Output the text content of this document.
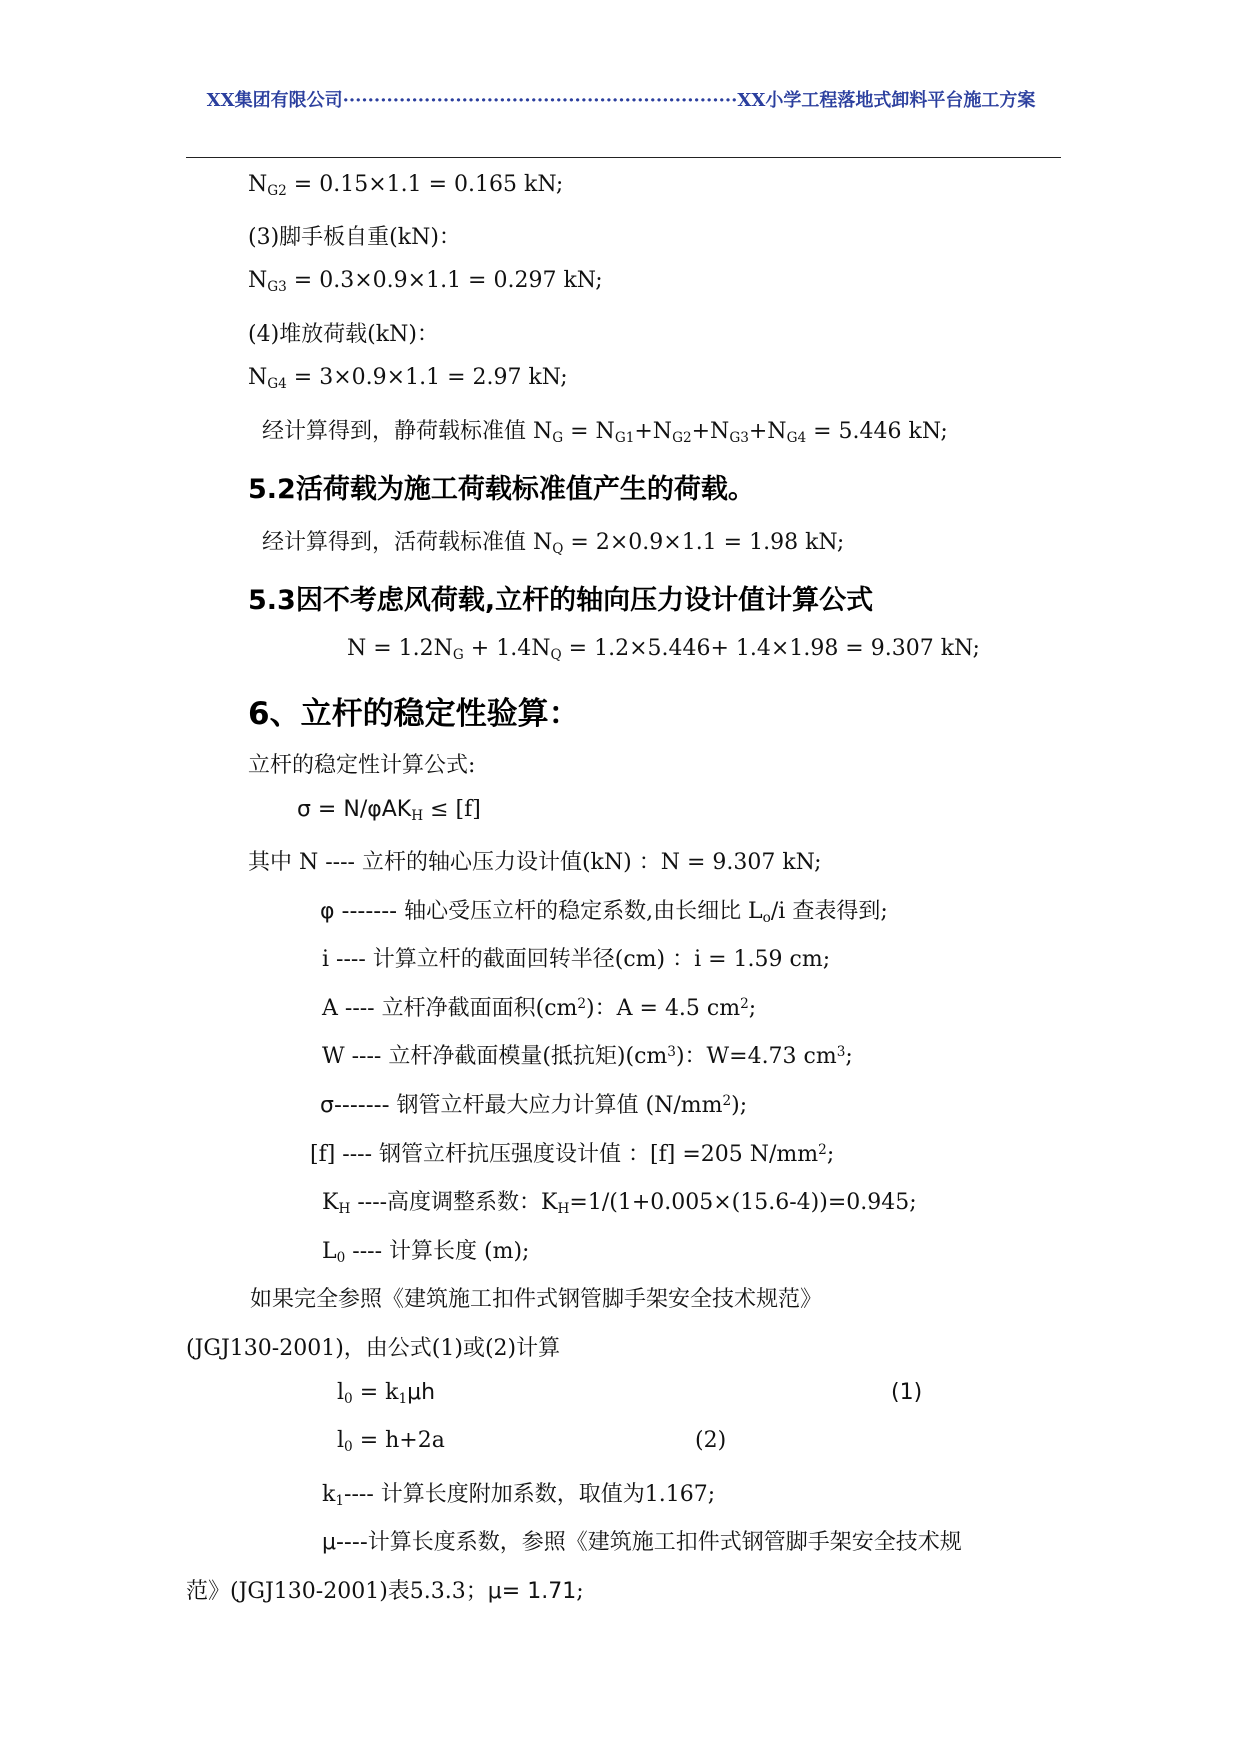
XX集团有限公司·······························································XX小学工程落地式卸料平台施工方案
$N_{G2} = 0.15\times 1.1 = 0.165$ kN;
(3)脚手板自重(kN)：
$N_{G3} = 0.3\times 0.9\times 1.1 = 0.297$ kN;
(4)堆放荷载(kN)：
$N_{G4} = 3\times 0.9\times 1.1 = 2.97$ kN;
经计算得到，静荷载标准值 $N_G = N_{G1}+N_{G2}+N_{G3}+N_{G4} = 5.446$ kN;
5.2活荷载为施工荷载标准值产生的荷载。
经计算得到，活荷载标准值 $N_Q = 2\times 0.9\times 1.1 = 1.98$ kN;
5.3因不考虑风荷载,立杆的轴向压力设计值计算公式
$N = 1.2N_G + 1.4N_Q = 1.2\times 5.446+ 1.4\times 1.98 = 9.307$ kN;
6、立杆的稳定性验算：
立杆的稳定性计算公式:
σ = N/φAK$_H$ ≤ [f]
其中 N ---- 立杆的轴心压力设计值(kN) ：N = 9.307 kN;
φ ------- 轴心受压立杆的稳定系数,由长细比 $L_o/i$ 查表得到;
i ---- 计算立杆的截面回转半径(cm) ：i = 1.59 cm;
A ---- 立杆净截面面积$(cm^2)$：A = 4.5 $cm^2$;
W ---- 立杆净截面模量(抵抗矩)$(cm^3)$：W=4.73 $cm^3$;
σ------- 钢管立杆最大应力计算值 $(N/mm^2)$;
[f] ---- 钢管立杆抗压强度设计值 ：[f] =205 $N/mm^2$;
$K_H$ ----高度调整系数：$K_H=1/(1+0.005\times(15.6-4))=0.945$;
$L_0$ ---- 计算长度 (m);
如果完全参照《建筑施工扣件式钢管脚手架安全技术规范》
(JGJ130-2001)，由公式(1)或(2)计算
$l_0 = k_1\mu h$	(1)
$l_0 = h+2a$	(2)
$k_1----$ 计算长度附加系数，取值为1.167;
μ----计算长度系数，参照《建筑施工扣件式钢管脚手架安全技术规
范》(JGJ130-2001)表5.3.3；μ= 1.71;
